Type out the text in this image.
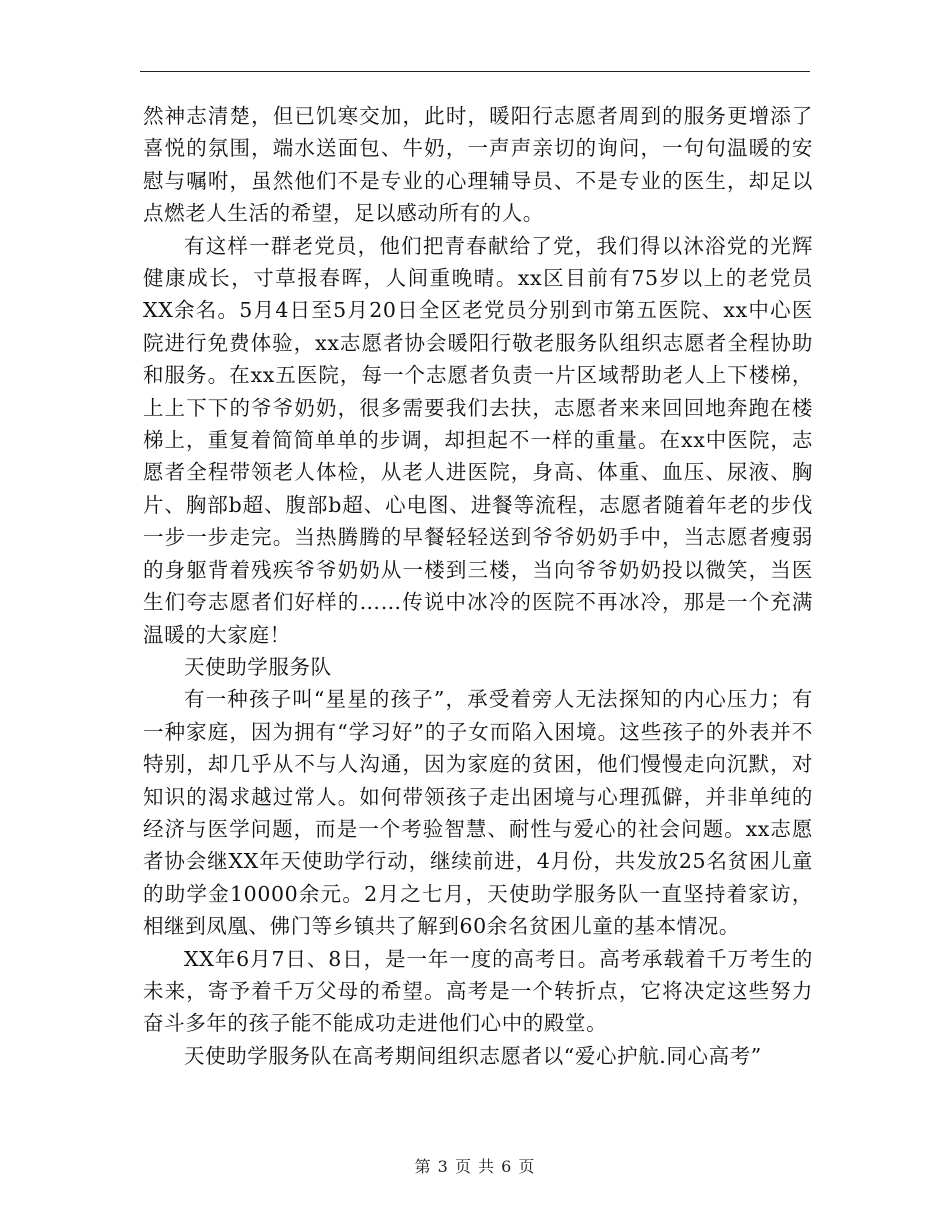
然神志清楚，但已饥寒交加，此时，暖阳行志愿者周到的服务更增添了喜悦的氛围，端水送面包、牛奶，一声声亲切的询问，一句句温暖的安慰与嘱咐，虽然他们不是专业的心理辅导员、不是专业的医生，却足以点燃老人生活的希望，足以感动所有的人。

有这样一群老党员，他们把青春献给了党，我们得以沐浴党的光辉健康成长，寸草报春晖，人间重晚晴。xx区目前有75岁以上的老党员XX余名。5月4日至5月20日全区老党员分别到市第五医院、xx中心医院进行免费体验，xx志愿者协会暖阳行敬老服务队组织志愿者全程协助和服务。在xx五医院，每一个志愿者负责一片区域帮助老人上下楼梯，上上下下的爷爷奶奶，很多需要我们去扶，志愿者来来回回地奔跑在楼梯上，重复着简简单单的步调，却担起不一样的重量。在xx中医院，志愿者全程带领老人体检，从老人进医院，身高、体重、血压、尿液、胸片、胸部b超、腹部b超、心电图、进餐等流程，志愿者随着年老的步伐一步一步走完。当热腾腾的早餐轻轻送到爷爷奶奶手中，当志愿者瘦弱的身躯背着残疾爷爷奶奶从一楼到三楼，当向爷爷奶奶投以微笑，当医生们夸志愿者们好样的……传说中冰冷的医院不再冰冷，那是一个充满温暖的大家庭！

天使助学服务队

有一种孩子叫“星星的孩子”，承受着旁人无法探知的内心压力；有一种家庭，因为拥有“学习好”的子女而陷入困境。这些孩子的外表并不特别，却几乎从不与人沟通，因为家庭的贫困，他们慢慢走向沉默，对知识的渴求越过常人。如何带领孩子走出困境与心理孤僻，并非单纯的经济与医学问题，而是一个考验智慧、耐性与爱心的社会问题。xx志愿者协会继XX年天使助学行动，继续前进，4月份，共发放25名贫困儿童的助学金10000余元。2月之七月，天使助学服务队一直坚持着家访，相继到凤凰、佛门等乡镇共了解到60余名贫困儿童的基本情况。

XX年6月7日、8日，是一年一度的高考日。高考承载着千万考生的未来，寄予着千万父母的希望。高考是一个转折点，它将决定这些努力奋斗多年的孩子能不能成功走进他们心中的殿堂。

天使助学服务队在高考期间组织志愿者以“爱心护航.同心高考”

第 3 页 共 6 页
